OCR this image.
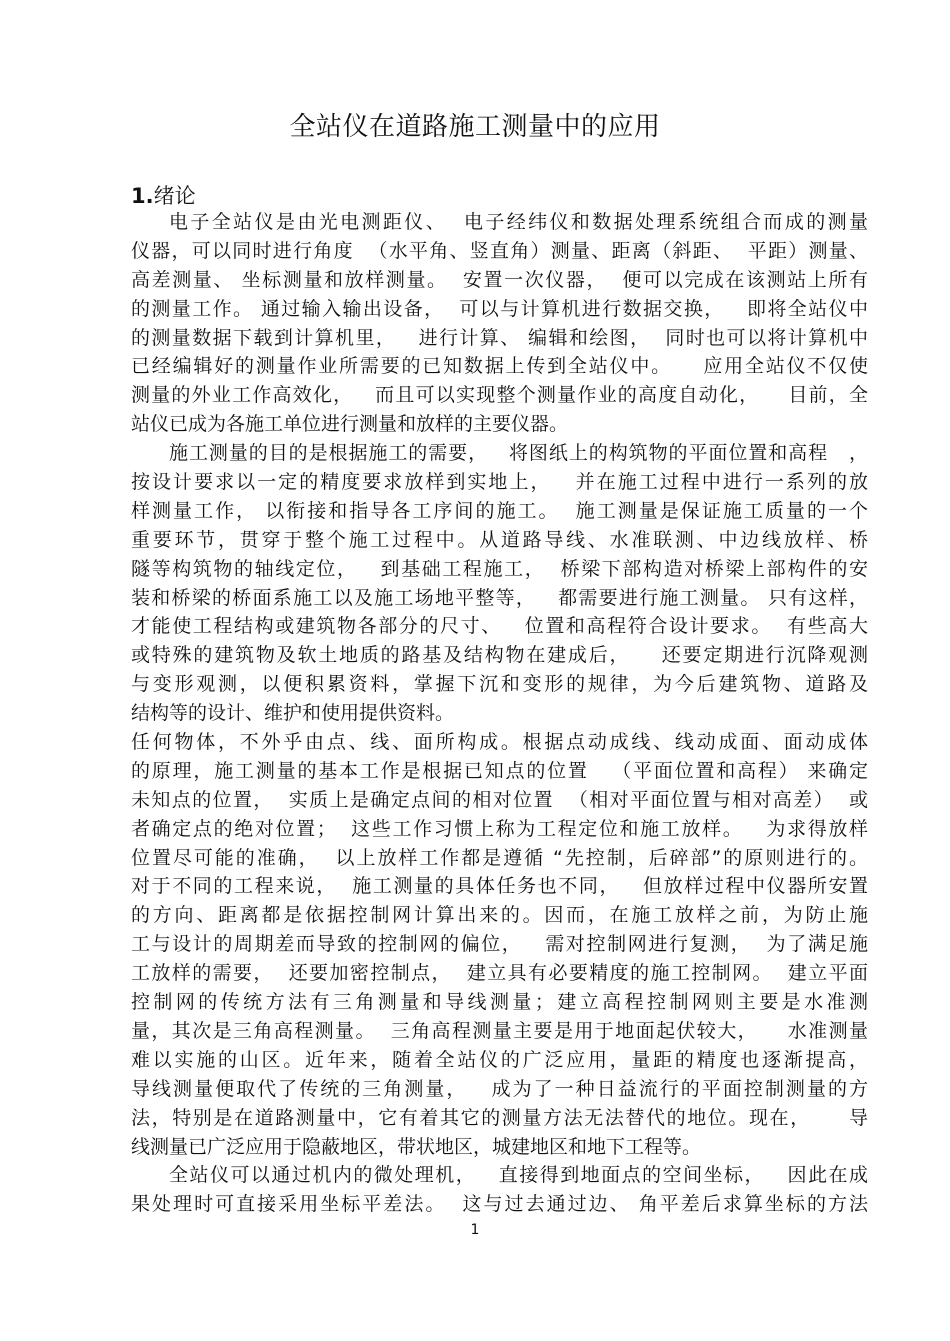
全站仪在道路施工测量中的应用
1.绪论
电子全站仪是由光电测距仪、  电子经纬仪和数据处理系统组合而成的测量
仪器，可以同时进行角度  （水平角、竖直角）测量、距离（斜距、  平距）测量、
高差测量、 坐标测量和放样测量。  安置一次仪器，  便可以完成在该测站上所有
的测量工作。 通过输入输出设备，  可以与计算机进行数据交换，   即将全站仪中
的测量数据下载到计算机里，   进行计算、 编辑和绘图，  同时也可以将计算机中
已经编辑好的测量作业所需要的已知数据上传到全站仪中。    应用全站仪不仅使
测量的外业工作高效化，   而且可以实现整个测量作业的高度自动化，    目前，全
站仪已成为各施工单位进行测量和放样的主要仪器。
施工测量的目的是根据施工的需要，   将图纸上的构筑物的平面位置和高程   ，
按设计要求以一定的精度要求放样到实地上，   并在施工过程中进行一系列的放
样测量工作， 以衔接和指导各工序间的施工。  施工测量是保证施工质量的一个
重要环节，贯穿于整个施工过程中。从道路导线、水准联测、中边线放样、桥
隧等构筑物的轴线定位，   到基础工程施工，  桥梁下部构造对桥梁上部构件的安
装和桥梁的桥面系施工以及施工场地平整等，   都需要进行施工测量。 只有这样，
才能使工程结构或建筑物各部分的尺寸、   位置和高程符合设计要求。  有些高大
或特殊的建筑物及软土地质的路基及结构物在建成后，    还要定期进行沉降观测
与变形观测，以便积累资料，掌握下沉和变形的规律，为今后建筑物、道路及
结构等的设计、维护和使用提供资料。
任何物体，不外乎由点、线、面所构成。根据点动成线、线动成面、面动成体
的原理，施工测量的基本工作是根据已知点的位置   （平面位置和高程） 来确定
未知点的位置，  实质上是确定点间的相对位置  （相对平面位置与相对高差）  或
者确定点的绝对位置；  这些工作习惯上称为工程定位和施工放样。   为求得放样
位置尽可能的准确，  以上放样工作都是遵循 “先控制，后碎部”的原则进行的。
对于不同的工程来说，  施工测量的具体任务也不同，   但放样过程中仪器所安置
的方向、距离都是依据控制网计算出来的。因而，在施工放样之前，为防止施
工与设计的周期差而导致的控制网的偏位，   需对控制网进行复测，  为了满足施
工放样的需要，  还要加密控制点，  建立具有必要精度的施工控制网。  建立平面
控制网的传统方法有三角测量和导线测量；建立高程控制网则主要是水准测
量，其次是三角高程测量。  三角高程测量主要是用于地面起伏较大，    水准测量
难以实施的山区。近年来，随着全站仪的广泛应用，量距的精度也逐渐提高，
导线测量便取代了传统的三角测量，   成为了一种日益流行的平面控制测量的方
法，特别是在道路测量中，它有着其它的测量方法无法替代的地位。现在，     导
线测量已广泛应用于隐蔽地区，带状地区，城建地区和地下工程等。
全站仪可以通过机内的微处理机，   直接得到地面点的空间坐标，   因此在成
果处理时可直接采用坐标平差法。  这与过去通过边、 角平差后求算坐标的方法
1
